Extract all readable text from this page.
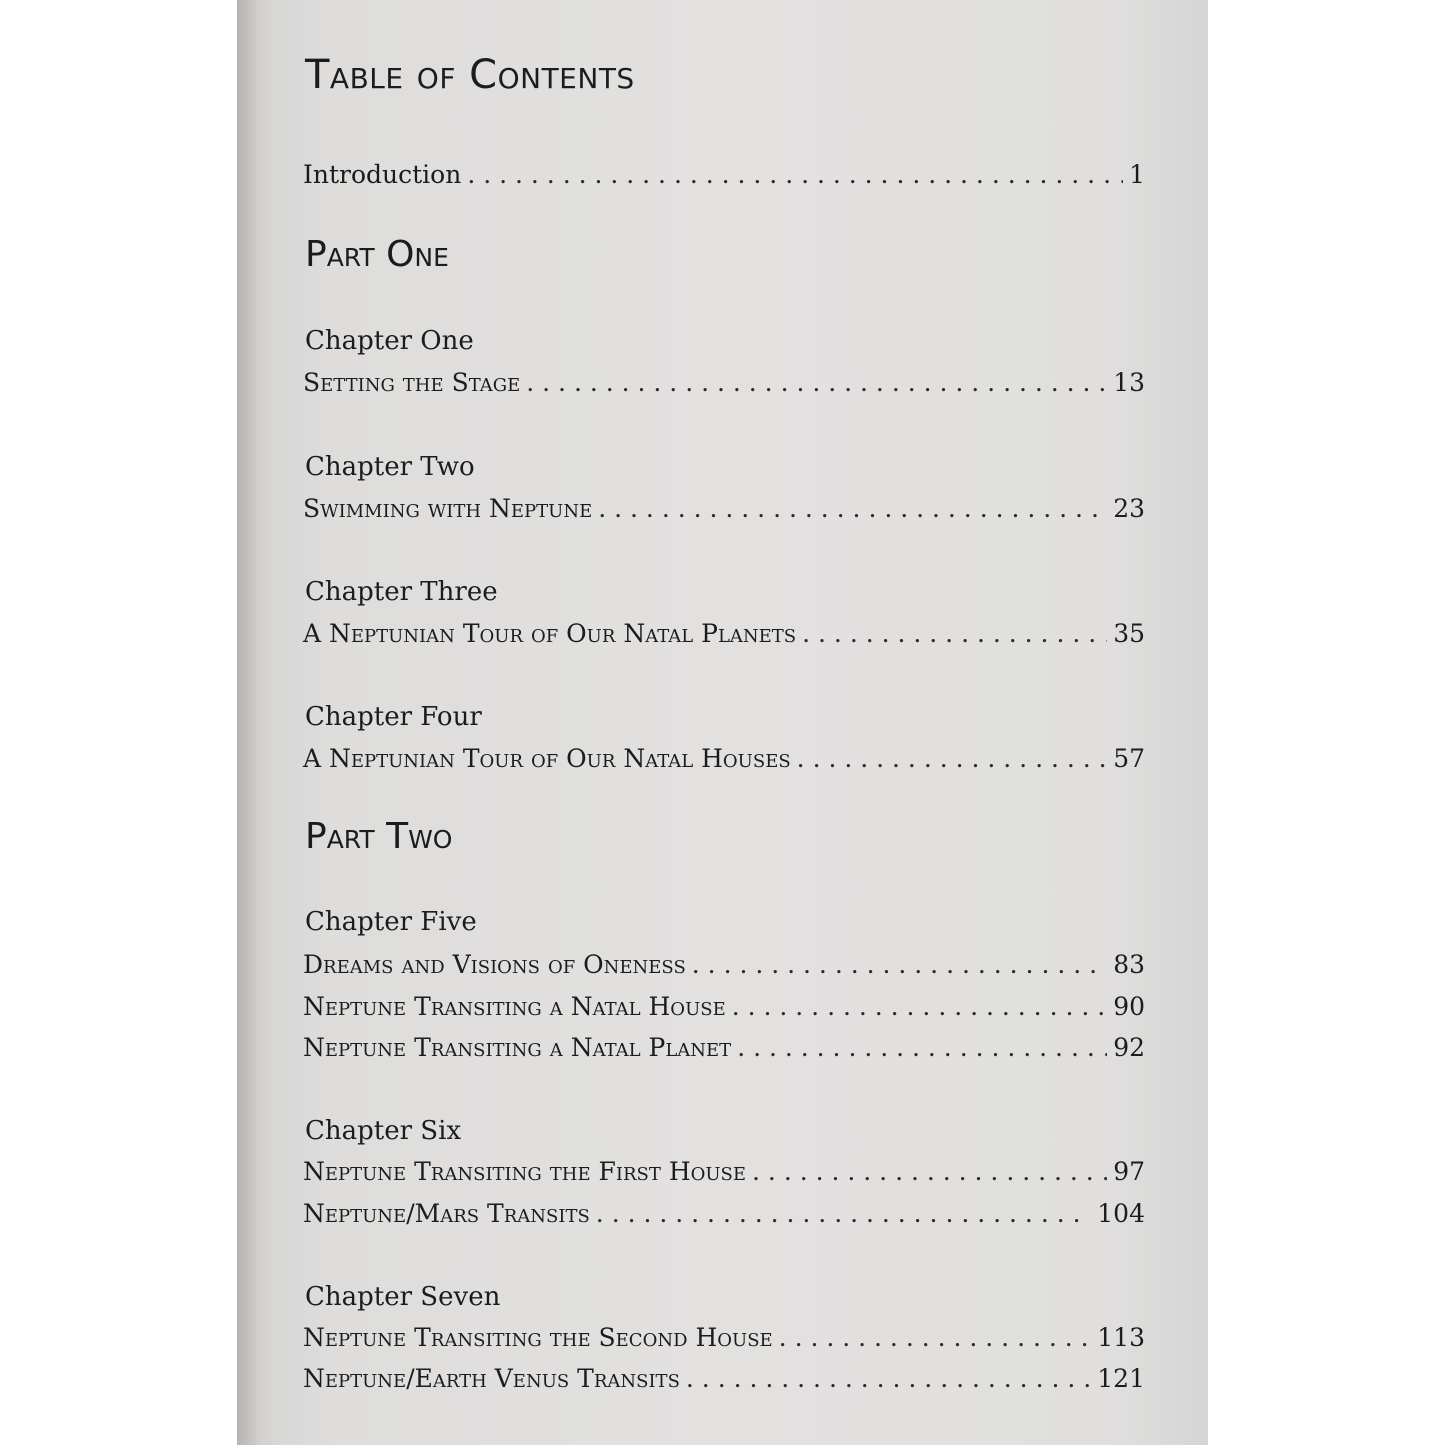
Table of Contents
Introduction . . .	1
Part One
Chapter One
Setting the Stage . . .	13
Chapter Two
Swimming with Neptune . . .	23
Chapter Three
A Neptunian Tour of Our Natal Planets . . .	35
Chapter Four
A Neptunian Tour of Our Natal Houses . . .	57
Part Two
Chapter Five
Dreams and Visions of Oneness . . .	83
Neptune Transiting a Natal House . . .	90
Neptune Transiting a Natal Planet . . .	92
Chapter Six
Neptune Transiting the First House . . .	97
Neptune/Mars Transits . . .	104
Chapter Seven
Neptune Transiting the Second House . . .	113
Neptune/Earth Venus Transits . . .	121
